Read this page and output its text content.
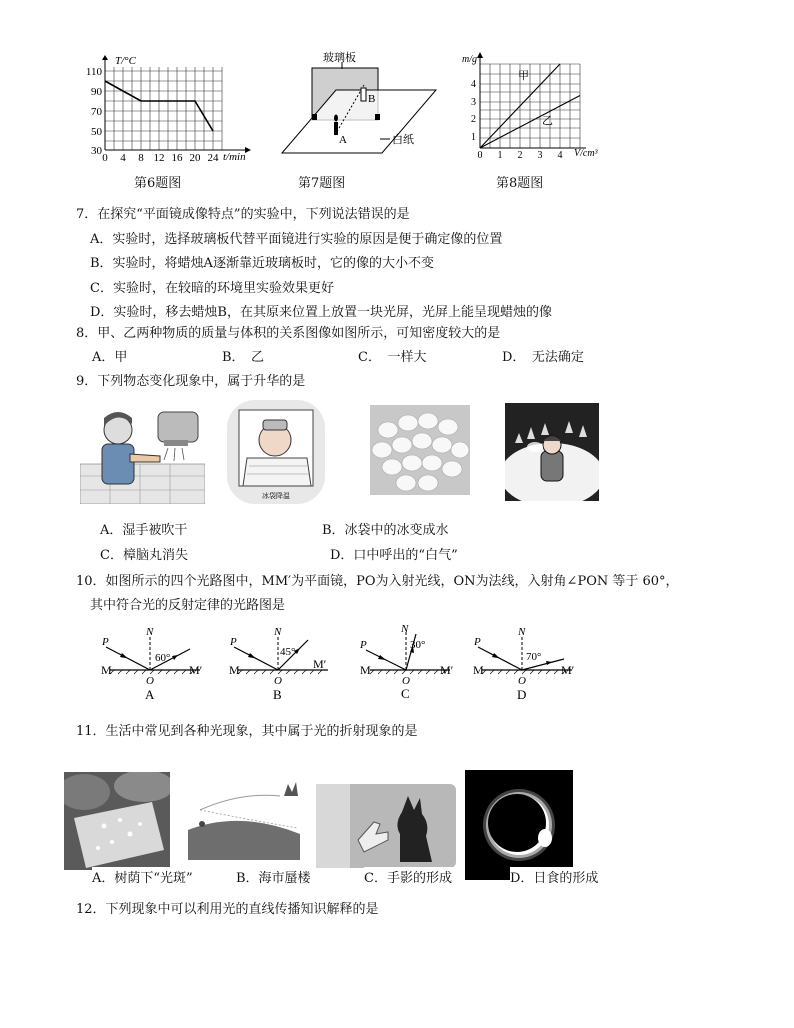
T/°C
t/min
110
90
70
50
30
0 4 8 12 16 20 24
第6题图
玻璃板
白纸
A
B
第7题图
甲
乙
m/g
V/cm³
4
3
2
1
0 1 2 3 4
第8题图
7．在探究“平面镜成像特点”的实验中，下列说法错误的是
A．实验时，选择玻璃板代替平面镜进行实验的原因是便于确定像的位置
B．实验时，将蜡烛A逐渐靠近玻璃板时，它的像的大小不变
C．实验时，在较暗的环境里实验效果更好
D．实验时，移去蜡烛B，在其原来位置上放置一块光屏，光屏上能呈现蜡烛的像
8．甲、乙两种物质的质量与体积的关系图像如图所示，可知密度较大的是
A．甲	B．　乙	C．　一样大	D．　无法确定
9．下列物态变化现象中，属于升华的是
冰袋降温
A．湿手被吹干	B．冰袋中的冰变成水
C．樟脑丸消失	D．口中呼出的“白气”
10．如图所示的四个光路图中，MM′为平面镜，PO为入射光线，ON为法线，入射角∠PON 等于 60°，
其中符合光的反射定律的光路图是
60°
P
N
M	M′
O
A
45°
P
N
M	M′
O
B
30°
P
N
M	M′
O
C
70°
P
N
M	M′
O
D
11．生活中常见到各种光现象，其中属于光的折射现象的是
A．树荫下“光斑”	B．海市蜃楼	C．手影的形成	D．日食的形成
12．下列现象中可以利用光的直线传播知识解释的是
